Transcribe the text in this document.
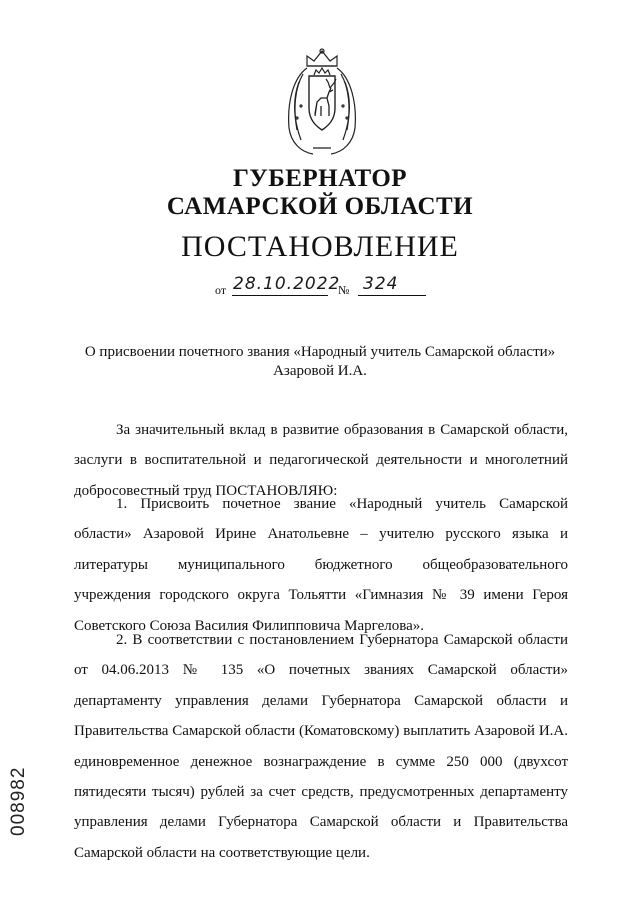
ГУБЕРНАТОР
САМАРСКОЙ ОБЛАСТИ
ПОСТАНОВЛЕНИЕ
от 28.10.2022
№ 324
О присвоении почетного звания «Народный учитель Самарской области»
Азаровой И.А.
За значительный вклад в развитие образования в Самарской области, заслуги в воспитательной и педагогической деятельности и многолетний добросовестный труд ПОСТАНОВЛЯЮ:
1. Присвоить почетное звание «Народный учитель Самарской области» Азаровой Ирине Анатольевне – учителю русского языка и литературы муниципального бюджетного общеобразовательного учреждения городского округа Тольятти «Гимназия № 39 имени Героя Советского Союза Василия Филипповича Маргелова».
2. В соответствии с постановлением Губернатора Самарской области от 04.06.2013 № 135 «О почетных званиях Самарской области» департаменту управления делами Губернатора Самарской области и Правительства Самарской области (Коматовскому) выплатить Азаровой И.А. единовременное денежное вознаграждение в сумме 250 000 (двухсот пятидесяти тысяч) рублей за счет средств, предусмотренных департаменту управления делами Губернатора Самарской области и Правительства Самарской области на соответствующие цели.
008982
